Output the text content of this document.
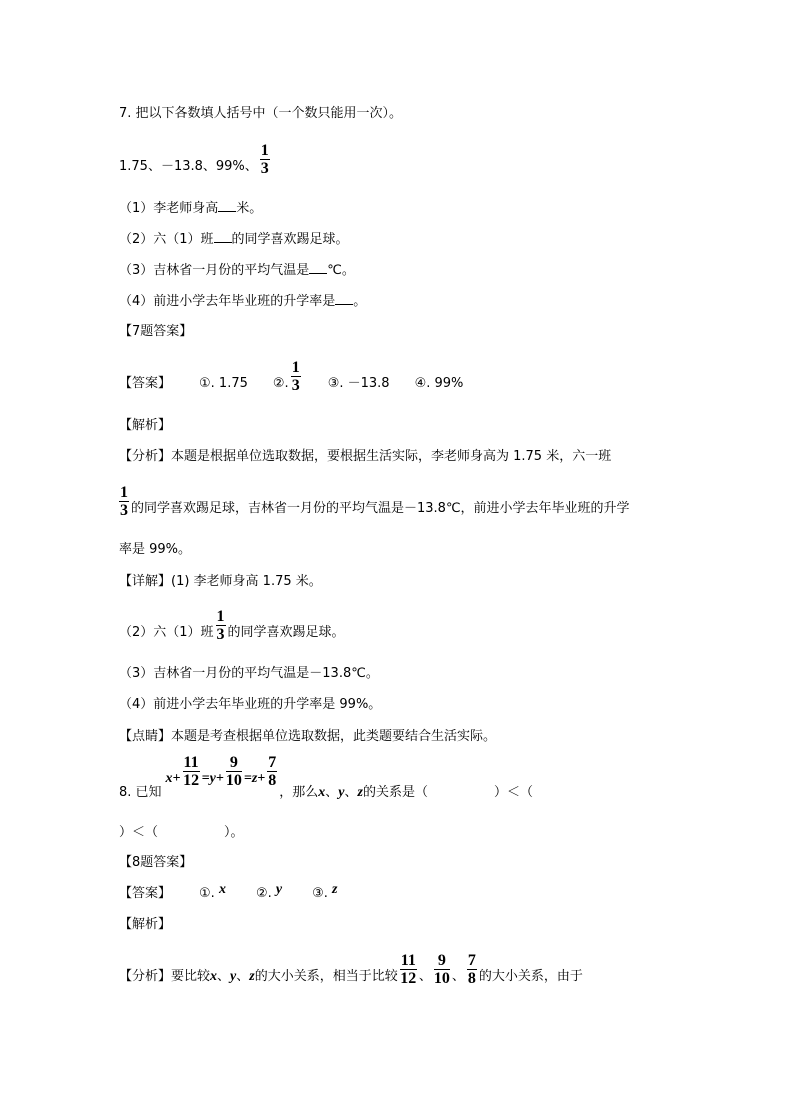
7. 把以下各数填人括号中（一个数只能用一次）。
1.75、－13.8、99%、 $\frac{1}{3}$
（1）李老师身高 米。
（2）六（1）班 的同学喜欢踢足球。
（3）吉林省一月份的平均气温是 ℃。
（4）前进小学去年毕业班的升学率是 。
【7题答案】
【答案】 ①. 1.75 ②. $\frac{1}{3}$ ③. －13.8 ④. 99%
【解析】
【分析】本题是根据单位选取数据，要根据生活实际，李老师身高为 1.75 米，六一班
$\frac{1}{3}$ 的同学喜欢踢足球，吉林省一月份的平均气温是－13.8℃，前进小学去年毕业班的升学
率是 99%。
【详解】(1) 李老师身高 1.75 米。
（2）六（1）班 $\frac{1}{3}$ 的同学喜欢踢足球。
（3）吉林省一月份的平均气温是－13.8℃。
（4）前进小学去年毕业班的升学率是 99%。
【点睛】本题是考查根据单位选取数据，此类题要结合生活实际。
8. 已知$x+ \frac{11}{12} =y+ \frac{9}{10} =z+ \frac{7}{8}$
，那么x、y、z的关系是（	）＜（
）＜（	）。
【8题答案】
【答案】 ①. x ②. y ③. z
【解析】
【分析】要比较x、y、z的大小关系，相当于比较 $\frac{11}{12}$ 、 $\frac{9}{10}$ 、 $\frac{7}{8}$ 的大小关系，由于
